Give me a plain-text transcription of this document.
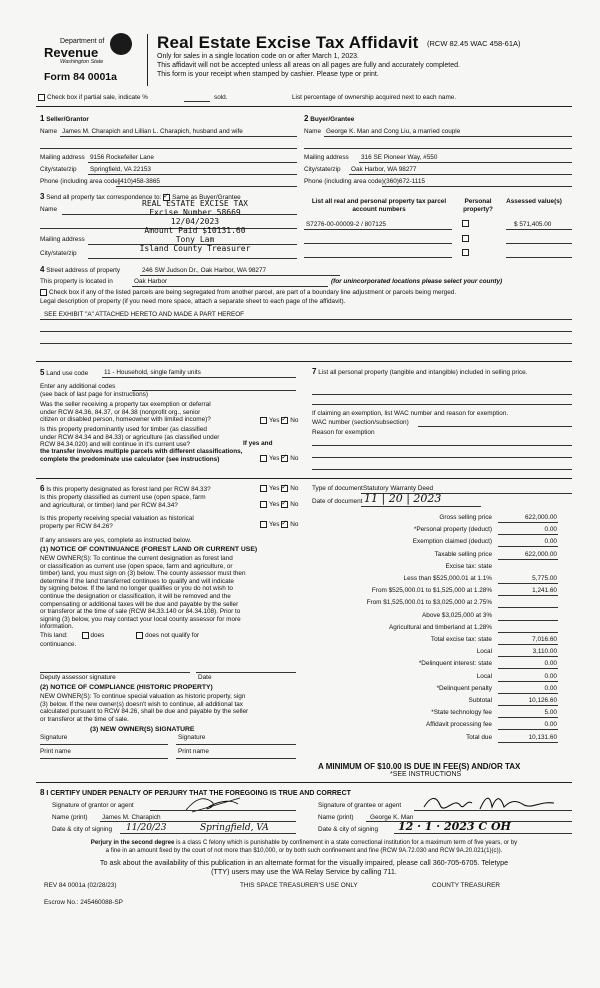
Department of
Revenue
Washington State
Form 84 0001a
Real Estate Excise Tax Affidavit (RCW 82.45 WAC 458-61A)
Only for sales in a single location code on or after March 1, 2023.
This affidavit will not be accepted unless all areas on all pages are fully and accurately completed.
This form is your receipt when stamped by cashier. Please type or print.
Check box if partial sale, indicate %	sold.	List percentage of ownership acquired next to each name.
1 Seller/Grantor
Name James M. Charapich and Lillian L. Charapich, husband and wife
Mailing address 9156 Rockefeller Lane
City/state/zip Springfield, VA 22153
Phone (including area code)
(410)458-3865
2 Buyer/Grantee
Name George K. Man and Cong Liu, a married couple
Mailing address 316 SE Pioneer Way, #550
City/state/zip Oak Harbor, WA 98277
Phone (including area code) (360)672-1115
3 Send all property tax correspondence to: ✓ Same as Buyer/Grantee
Name
Mailing address
City/state/zip
REAL ESTATE EXCISE TAX
Excise Number 58669
12/04/2023
Amount Paid $10131.60
Tony Lam
Island County Treasurer
List all real and personal property tax parcel account numbers
Personal property?
Assessed value(s)
S7276-00-00009-2 / 807125	$ 571,405.00
4 Street address of property	246 SW Judson Dr., Oak Harbor, WA 98277
This property is located in	Oak Harbor	(for unincorporated locations please select your county)
Check box if any of the listed parcels are being segregated from another parcel, are part of a boundary line adjustment or parcels being merged.
Legal description of property (if you need more space, attach a separate sheet to each page of the affidavit).
SEE EXHIBIT "A" ATTACHED HERETO AND MADE A PART HEREOF
5 Land use code 11 - Household, single family units
Enter any additional codes
(see back of last page for instructions)
Was the seller receiving a property tax exemption or deferral
under RCW 84.36, 84.37, or 84.38 (nonprofit org., senior
citizen or disabled person, homeowner with limited income)?	Yes ✓ No
Is this property predominantly used for timber (as classified
under RCW 84.34 and 84.33) or agriculture (as classified under
RCW 84.34.020) and will continue in it's current use?	If yes and
the transfer involves multiple parcels with different classifications,
complete the predominate use calculator (see instructions)	Yes ✓ No
7 List all personal property (tangible and intangible) included in selling price.
If claiming an exemption, list WAC number and reason for exemption.
WAC number (section/subsection)
Reason for exemption
6 Is this property designated as forest land per RCW 84.33?	Yes ✓ No
Is this property classified as current use (open space, farm
and agricultural, or timber) land per RCW 84.34?	Yes ✓ No
Is this property receiving special valuation as historical
property per RCW 84.26?	Yes ✓ No
If any answers are yes, complete as instructed below.
(1) NOTICE OF CONTINUANCE (FOREST LAND OR CURRENT USE)
NEW OWNER(S): To continue the current designation as forest land
or classification as current use (open space, farm and agriculture, or
timber) land, you must sign on (3) below. The county assessor must then
determine if the land transferred continues to qualify and will indicate
by signing below. If the land no longer qualifies or you do not wish to
continue the designation or classification, it will be removed and the
compensating or additional taxes will be due and payable by the seller
or transferor at the time of sale (RCW 84.33.140 or 84.34.108). Prior to
signing (3) below, you may contact your local county assessor for more
information.
This land:	does	does not qualify for
continuance.
Deputy assessor signature	Date
(2) NOTICE OF COMPLIANCE (HISTORIC PROPERTY)
NEW OWNER(S): To continue special valuation as historic property, sign
(3) below. If the new owner(s) doesn't wish to continue, all additional tax
calculated pursuant to RCW 84.26, shall be due and payable by the seller
or transferor at the time of sale.
(3) NEW OWNER(S) SIGNATURE
Signature	Signature
Print name	Print name
Type of document Statutory Warranty Deed
Date of document 11 | 20 | 2023
Gross selling price	622,000.00
*Personal property (deduct)	0.00
Exemption claimed (deduct)	0.00
Taxable selling price	622,000.00
Excise tax: state
Less than $525,000.01 at 1.1%	5,775.00
From $525,000.01 to $1,525,000 at 1.28%	1,241.60
From $1,525,000.01 to $3,025,000 at 2.75%
Above $3,025,000 at 3%
Agricultural and timberland at 1.28%
Total excise tax: state	7,016.60
Local	3,110.00
*Delinquent interest: state	0.00
Local	0.00
*Delinquent penalty	0.00
Subtotal	10,126.60
*State technology fee	5.00
Affidavit processing fee	0.00
Total due	10,131.60
A MINIMUM OF $10.00 IS DUE IN FEE(S) AND/OR TAX
*SEE INSTRUCTIONS
8 I CERTIFY UNDER PENALTY OF PERJURY THAT THE FOREGOING IS TRUE AND CORRECT
Signature of grantor or agent
Name (print) James M. Charapich
Date & city of signing 11/20/23	Springfield, VA
Signature of grantee or agent
Name (print)	George K. Man
Date & city of signing 12 · 1 · 2023 C OH
Perjury in the second degree is a class C felony which is punishable by confinement in a state correctional institution for a maximum term of five years, or by
a fine in an amount fixed by the court of not more than $10,000, or by both such confinement and fine (RCW 9A.72.030 and RCW 9A.20.021(1)(c)).
To ask about the availability of this publication in an alternate format for the visually impaired, please call 360-705-6705. Teletype
(TTY) users may use the WA Relay Service by calling 711.
REV 84 0001a (02/28/23)	THIS SPACE TREASURER'S USE ONLY	COUNTY TREASURER
Escrow No.: 245460088-SP
